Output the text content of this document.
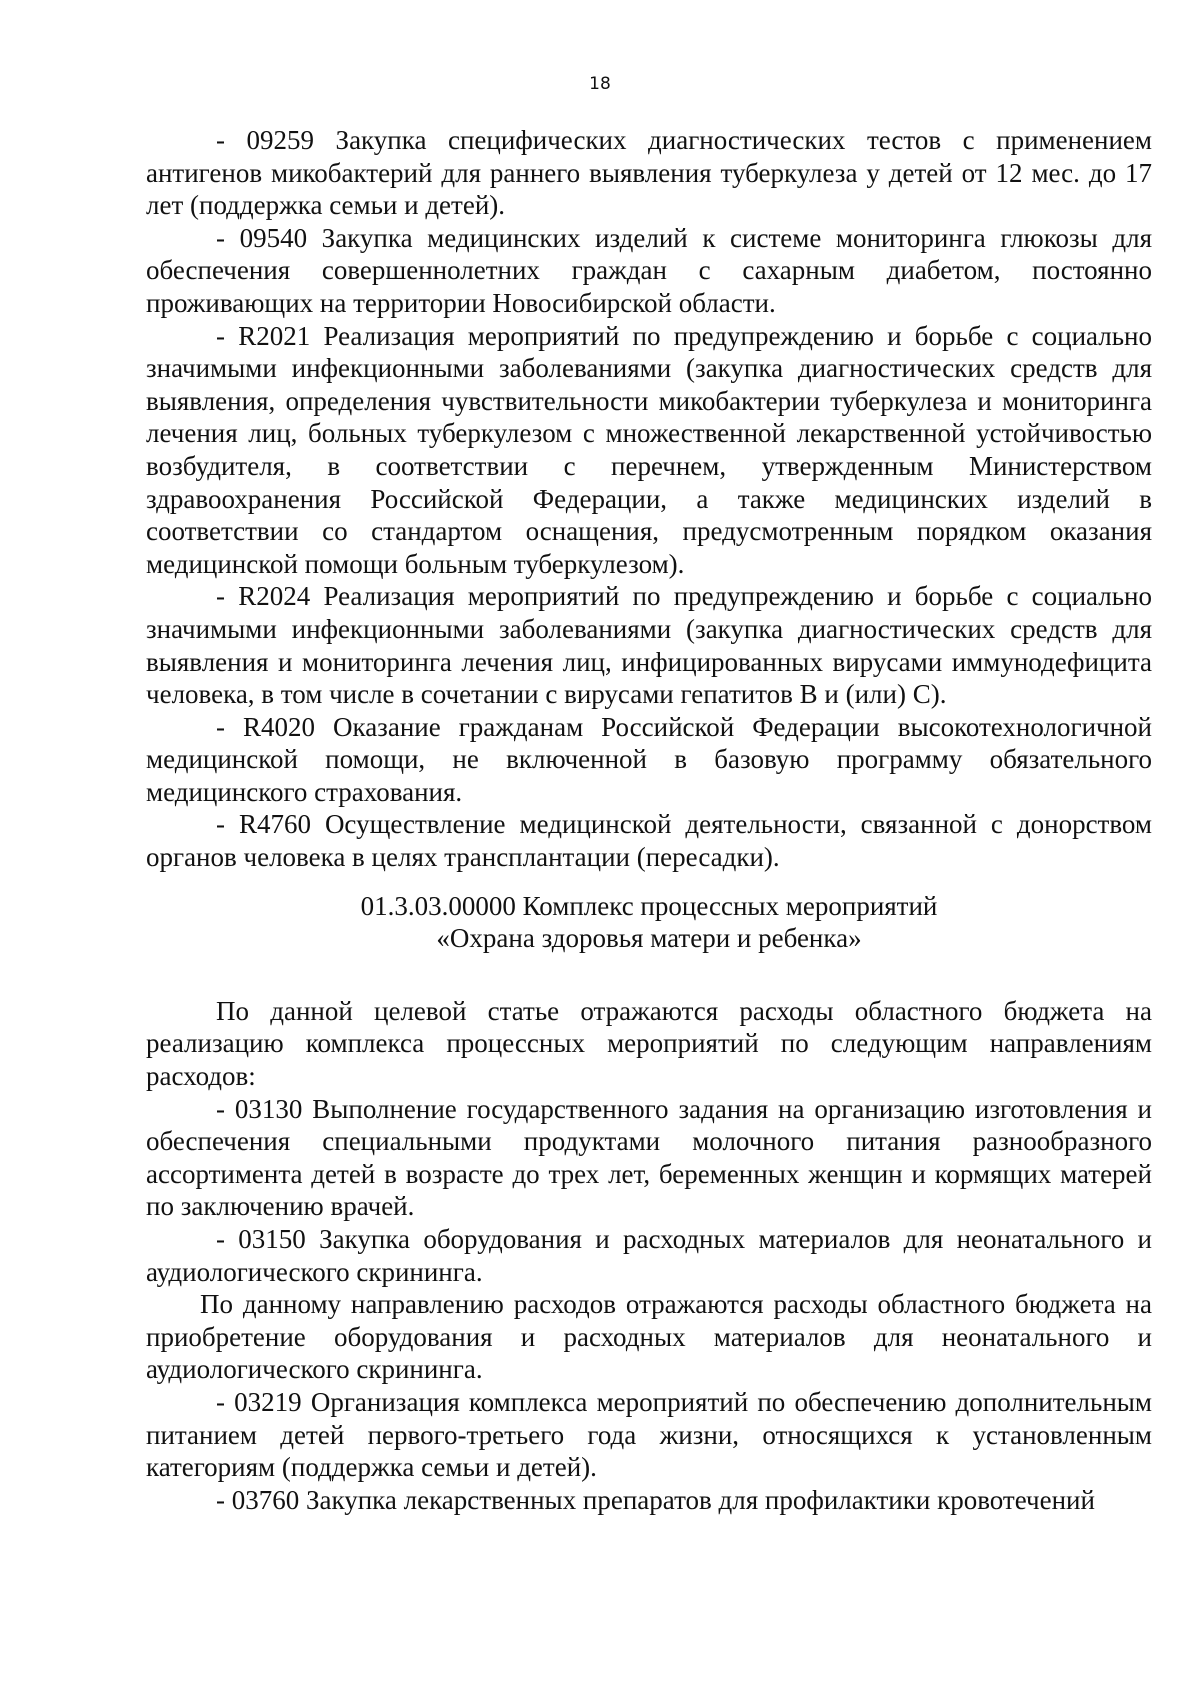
18

- 09259 Закупка специфических диагностических тестов с применением антигенов микобактерий для раннего выявления туберкулеза у детей от 12 мес. до 17 лет (поддержка семьи и детей).

- 09540 Закупка медицинских изделий к системе мониторинга глюкозы для обеспечения совершеннолетних граждан с сахарным диабетом, постоянно проживающих на территории Новосибирской области.

- R2021 Реализация мероприятий по предупреждению и борьбе с социально значимыми инфекционными заболеваниями (закупка диагностических средств для выявления, определения чувствительности микобактерии туберкулеза и мониторинга лечения лиц, больных туберкулезом с множественной лекарственной устойчивостью возбудителя, в соответствии с перечнем, утвержденным Министерством здравоохранения Российской Федерации, а также медицинских изделий в соответствии со стандартом оснащения, предусмотренным порядком оказания медицинской помощи больным туберкулезом).

- R2024 Реализация мероприятий по предупреждению и борьбе с социально значимыми инфекционными заболеваниями (закупка диагностических средств для выявления и мониторинга лечения лиц, инфицированных вирусами иммунодефицита человека, в том числе в сочетании с вирусами гепатитов B и (или) C).

- R4020 Оказание гражданам Российской Федерации высокотехнологичной медицинской помощи, не включенной в базовую программу обязательного медицинского страхования.

- R4760 Осуществление медицинской деятельности, связанной с донорством органов человека в целях трансплантации (пересадки).

01.3.03.00000 Комплекс процессных мероприятий

«Охрана здоровья матери и ребенка»

По данной целевой статье отражаются расходы областного бюджета на реализацию комплекса процессных мероприятий по следующим направлениям расходов:

- 03130 Выполнение государственного задания на организацию изготовления и обеспечения специальными продуктами молочного питания разнообразного ассортимента детей в возрасте до трех лет, беременных женщин и кормящих матерей по заключению врачей.

- 03150 Закупка оборудования и расходных материалов для неонатального и аудиологического скрининга.

По данному направлению расходов отражаются расходы областного бюджета на приобретение оборудования и расходных материалов для неонатального и аудиологического скрининга.

- 03219 Организация комплекса мероприятий по обеспечению дополнительным питанием детей первого-третьего года жизни, относящихся к установленным категориям (поддержка семьи и детей).

- 03760 Закупка лекарственных препаратов для профилактики кровотечений
